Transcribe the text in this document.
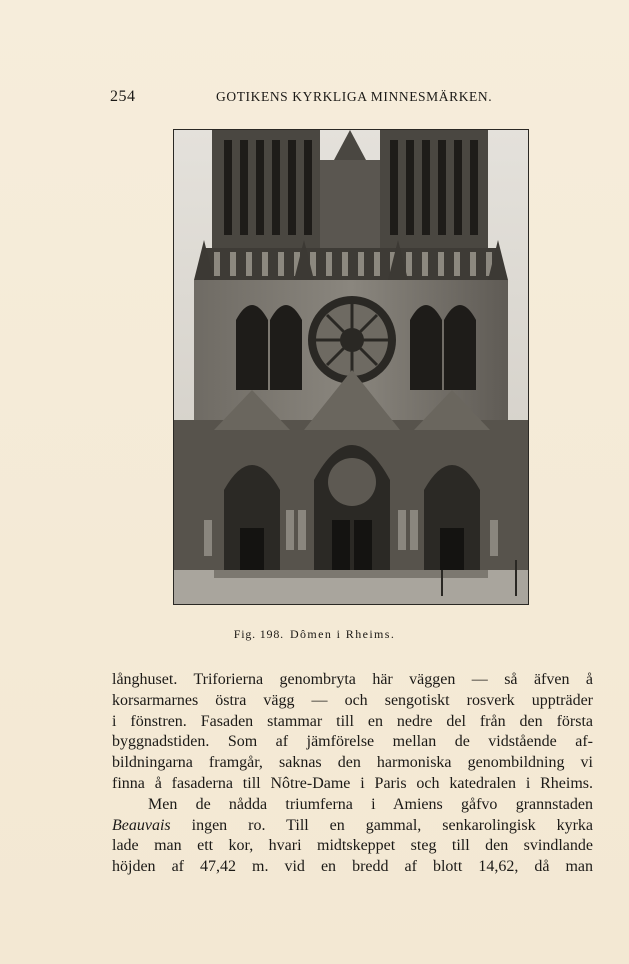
254	GOTIKENS KYRKLIGA MINNESMÄRKEN.
Fig. 198. Dômen i Rheims.
långhuset. Triforierna genombryta här väggen — så äfven å
korsarmarnes östra vägg — och sengotiskt rosverk uppträder
i fönstren. Fasaden stammar till en nedre del från den första
byggnadstiden. Som af jämförelse mellan de vidstående af-
bildningarna framgår, saknas den harmoniska genombildning vi
finna å fasaderna till Nôtre-Dame i Paris och katedralen i Rheims.
Men de nådda triumferna i Amiens gåfvo grannstaden
Beauvais ingen ro. Till en gammal, senkarolingisk kyrka
lade man ett kor, hvari midtskeppet steg till den svindlande
höjden af 47,42 m. vid en bredd af blott 14,62, då man
